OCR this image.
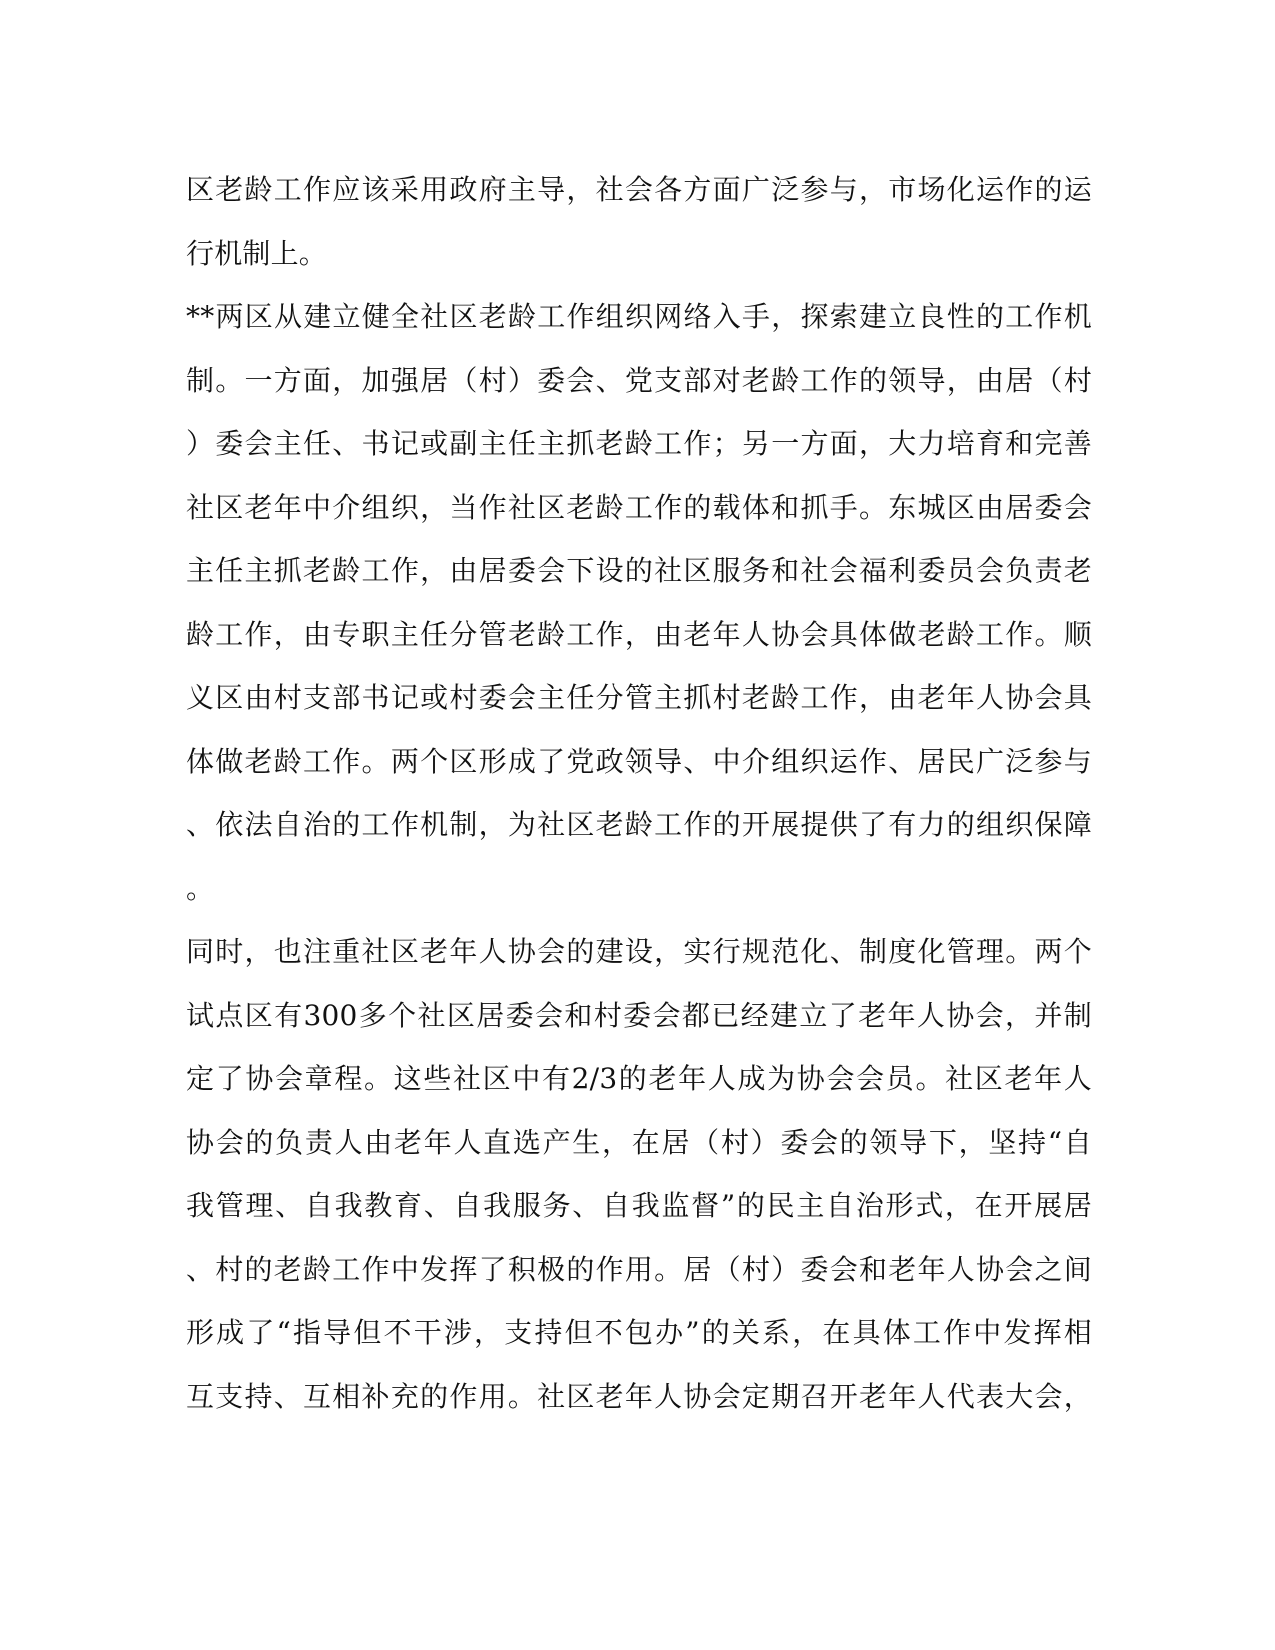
区老龄工作应该采用政府主导，社会各方面广泛参与，市场化运作的运
行机制上。
**两区从建立健全社区老龄工作组织网络入手，探索建立良性的工作机
制。一方面，加强居（村）委会、党支部对老龄工作的领导，由居（村
）委会主任、书记或副主任主抓老龄工作；另一方面，大力培育和完善
社区老年中介组织，当作社区老龄工作的载体和抓手。东城区由居委会
主任主抓老龄工作，由居委会下设的社区服务和社会福利委员会负责老
龄工作，由专职主任分管老龄工作，由老年人协会具体做老龄工作。顺
义区由村支部书记或村委会主任分管主抓村老龄工作，由老年人协会具
体做老龄工作。两个区形成了党政领导、中介组织运作、居民广泛参与
、依法自治的工作机制，为社区老龄工作的开展提供了有力的组织保障
。
同时，也注重社区老年人协会的建设，实行规范化、制度化管理。两个
试点区有300多个社区居委会和村委会都已经建立了老年人协会，并制
定了协会章程。这些社区中有2/3的老年人成为协会会员。社区老年人
协会的负责人由老年人直选产生，在居（村）委会的领导下，坚持“自
我管理、自我教育、自我服务、自我监督”的民主自治形式，在开展居
、村的老龄工作中发挥了积极的作用。居（村）委会和老年人协会之间
形成了“指导但不干涉，支持但不包办”的关系，在具体工作中发挥相
互支持、互相补充的作用。社区老年人协会定期召开老年人代表大会，
